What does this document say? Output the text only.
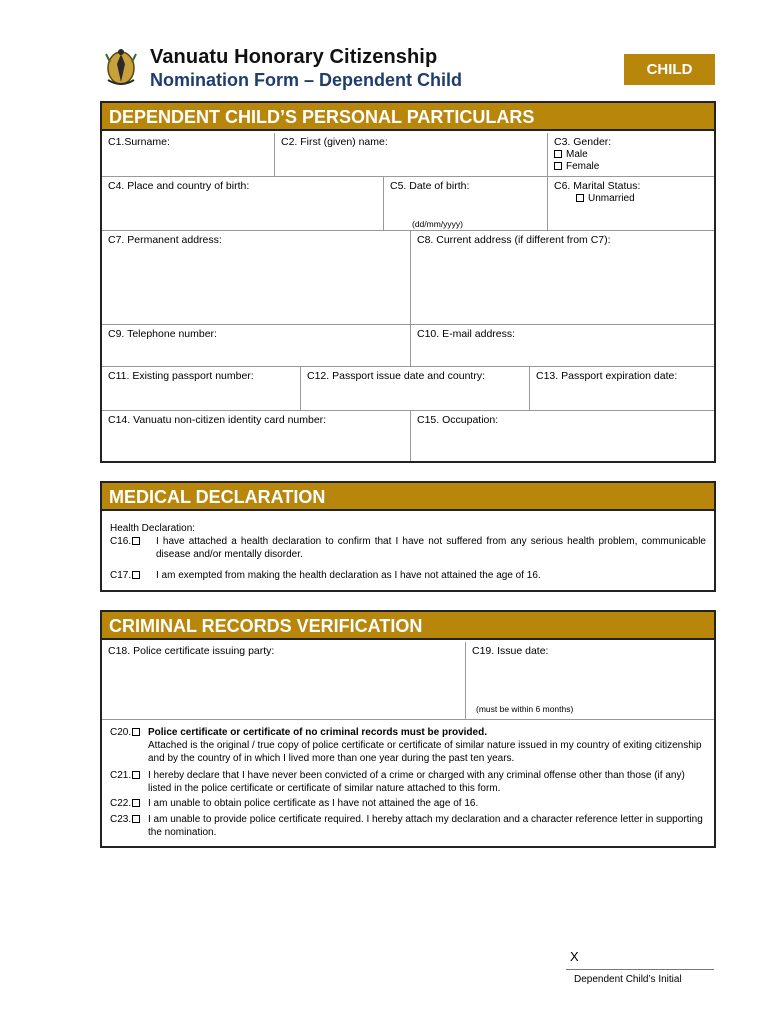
Vanuatu Honorary Citizenship
Nomination Form – Dependent Child
CHILD
DEPENDENT CHILD’S PERSONAL PARTICULARS
C1.Surname:	C2. First (given) name:	C3. Gender:
Male
Female
C4. Place and country of birth:	C5. Date of birth:
(dd/mm/yyyy)
C6. Marital Status:
Unmarried
C7. Permanent address:	C8. Current address (if different from C7):
C9. Telephone number:	C10. E-mail address:
C11. Existing passport number:	C12. Passport issue date and country:	C13. Passport expiration date:
C14. Vanuatu non-citizen identity card number:	C15. Occupation:
MEDICAL DECLARATION
Health Declaration:
C16.	I have attached a health declaration to confirm that I have not suffered from any serious health problem, communicable disease and/or mentally disorder.
C17.	I am exempted from making the health declaration as I have not attained the age of 16.
CRIMINAL RECORDS VERIFICATION
C18. Police certificate issuing party:	C19. Issue date:
(must be within 6 months)
C20.	Police certificate or certificate of no criminal records must be provided.
Attached is the original / true copy of police certificate or certificate of similar nature issued in my country of exiting citizenship and by the country of in which I lived more than one year during the past ten years.
C21.	I hereby declare that I have never been convicted of a crime or charged with any criminal offense other than those (if any) listed in the police certificate or certificate of similar nature attached to this form.
C22.	I am unable to obtain police certificate as I have not attained the age of 16.
C23.	I am unable to provide police certificate required. I hereby attach my declaration and a character reference letter in supporting the nomination.
X
Dependent Child’s Initial
